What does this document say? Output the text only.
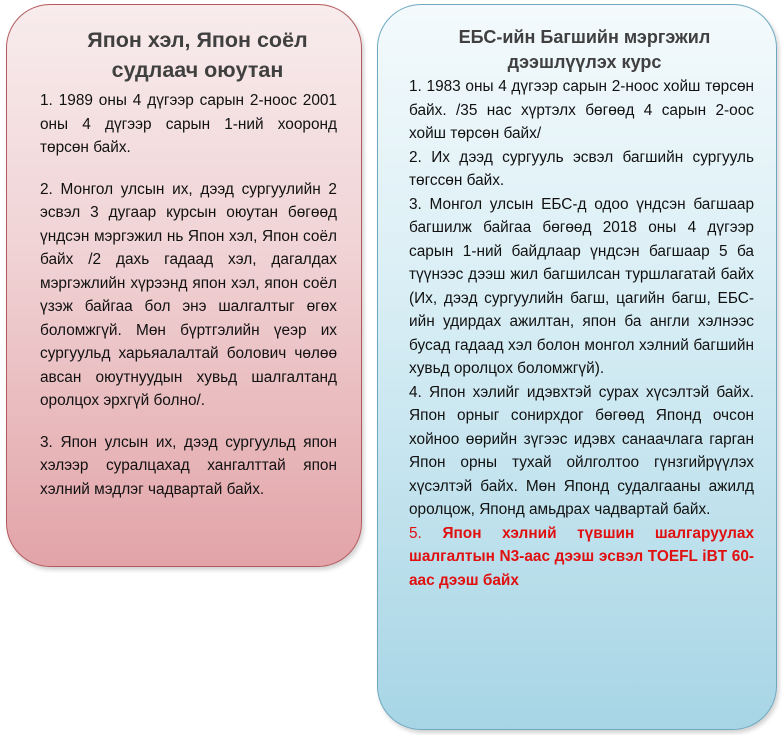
Япон хэл, Япон соёл судлаач оюутан

1. 1989 оны 4 дүгээр сарын 2-ноос 2001 оны 4 дүгээр сарын 1-ний хооронд төрсөн байх.

2. Монгол улсын их, дээд сургуулийн 2 эсвэл 3 дугаар курсын оюутан бөгөөд үндсэн мэргэжил нь Япон хэл, Япон соёл байх /2 дахь гадаад хэл, дагалдах мэргэжлийн хүрээнд япон хэл, япон соёл үзэж байгаа бол энэ шалгалтыг өгөх боломжгүй. Мөн бүртгэлийн үеэр их сургуульд харьяалалтай болович чөлөө авсан оюутнуудын хувьд шалгалтанд оролцох эрхгүй болно/.

3. Япон улсын их, дээд сургуульд япон хэлээр суралцахад хангалттай япон хэлний мэдлэг чадвартай байх.

ЕБС-ийн Багшийн мэргэжил дээшлүүлэх курс

1. 1983 оны 4 дүгээр сарын 2-ноос хойш төрсөн байх. /35 нас хүртэлх бөгөөд 4 сарын 2-оос хойш төрсөн байх/

2. Их дээд сургууль эсвэл багшийн сургууль төгссөн байх.

3. Монгол улсын ЕБС-д одоо үндсэн багшаар багшилж байгаа бөгөөд 2018 оны 4 дүгээр сарын 1-ний байдлаар үндсэн багшаар 5 ба түүнээс дээш жил багшилсан туршлагатай байх (Их, дээд сургуулийн багш, цагийн багш, ЕБС-ийн удирдах ажилтан, япон ба англи хэлнээс бусад гадаад хэл болон монгол хэлний багшийн хувьд оролцох боломжгүй).

4. Япон хэлийг идэвхтэй сурах хүсэлтэй байх. Япон орныг сонирхдог бөгөөд Японд очсон хойноо өөрийн зүгээс идэвх санаачлага гарган Япон орны тухай ойлголтоо гүнзгийрүүлэх хүсэлтэй байх. Мөн Японд судалгааны ажилд оролцож, Японд амьдрах чадвартай байх.

5. Япон хэлний түвшин шалгаруулах шалгалтын N3-аас дээш эсвэл TOEFL iBT 60-аас дээш байх
